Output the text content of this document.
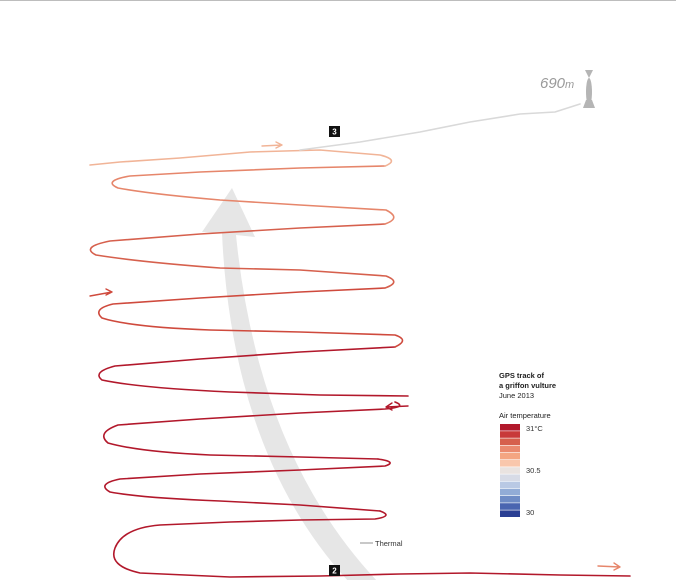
690m
3
2
Thermal
GPS track of
a griffon vulture
June 2013
Air temperature
31°C
30.5
30
